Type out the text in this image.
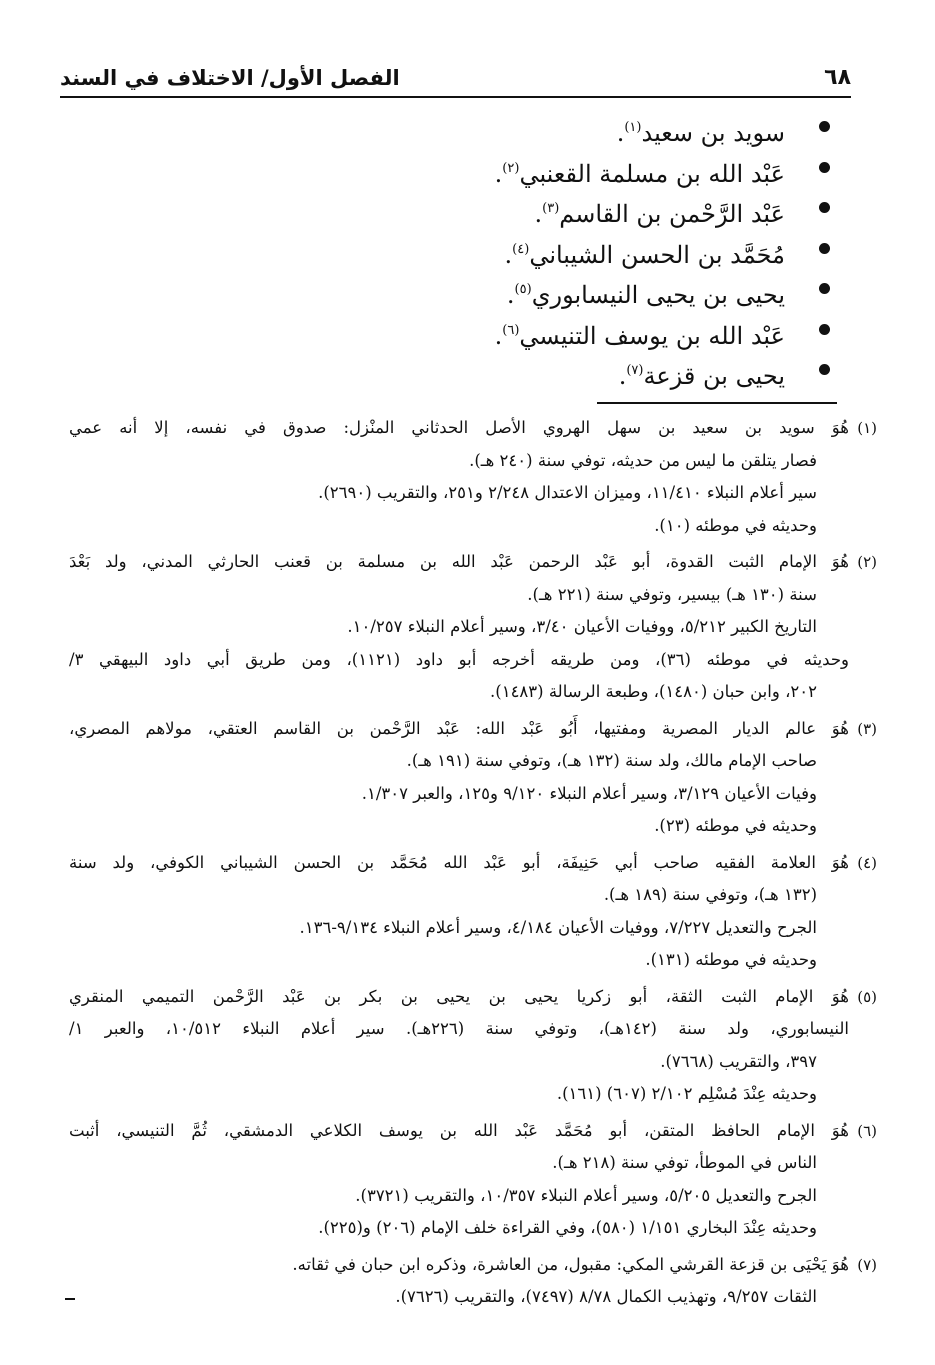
الفصل الأول/ الاختلاف في السند	٦٨
سويد بن سعيد$^{(١)}$.
عَبْد الله بن مسلمة القعنبي$^{(٢)}$.
عَبْد الرَّحْمن بن القاسم$^{(٣)}$.
مُحَمَّد بن الحسن الشيباني$^{(٤)}$.
يحيى بن يحيى النيسابوري$^{(٥)}$.
عَبْد الله بن يوسف التنيسي$^{(٦)}$.
يحيى بن قزعة$^{(٧)}$.
(١)
هُوَ سويد بن سعيد بن سهل الهروي الأصل الحدثاني المنْزل: صدوق في نفسه، إلا أنه عمي
فصار يتلقن ما ليس من حديثه، توفي سنة (٢٤٠ هـ).
سير أعلام النبلاء ١١/٤١٠، وميزان الاعتدال ٢/٢٤٨ و٢٥١، والتقريب (٢٦٩٠).
وحديثه في موطئه (١٠).
(٢)
هُوَ الإمام الثبت القدوة، أبو عَبْد الرحمن عَبْد الله بن مسلمة بن قعنب الحارثي المدني، ولد بَعْدَ
سنة (١٣٠ هـ) بيسير، وتوفي سنة (٢٢١ هـ).
التاريخ الكبير ٥/٢١٢، ووفيات الأعيان ٣/٤٠، وسير أعلام النبلاء ١٠/٢٥٧.
وحديثه في موطئه (٣٦)، ومن طريقه أخرجه أبو داود (١١٢١)، ومن طريق أبي داود البيهقي ٣/
٢٠٢، وابن حبان (١٤٨٠)، وطبعة الرسالة (١٤٨٣).
(٣)
هُوَ عالم الديار المصرية ومفتيها، أَبُو عَبْد الله: عَبْد الرَّحْمن بن القاسم العتقي، مولاهم المصري،
صاحب الإمام مالك، ولد سنة (١٣٢ هـ)، وتوفي سنة (١٩١ هـ).
وفيات الأعيان ٣/١٢٩، وسير أعلام النبلاء ٩/١٢٠ و١٢٥، والعبر ١/٣٠٧.
وحديثه في موطئه (٢٣).
(٤)
هُوَ العلامة الفقيه صاحب أبي حَنِيفَة، أبو عَبْد الله مُحَمَّد بن الحسن الشيباني الكوفي، ولد سنة
(١٣٢ هـ)، وتوفي سنة (١٨٩ هـ).
الجرح والتعديل ٧/٢٢٧، ووفيات الأعيان ٤/١٨٤، وسير أعلام النبلاء ٩/١٣٤-١٣٦.
وحديثه في موطئه (١٣١).
(٥)
هُوَ الإمام الثبت الثقة، أبو زكريا يحيى بن يحيى بن بكر بن عَبْد الرَّحْمن التميمي المنقري
النيسابوري، ولد سنة (١٤٢هـ)، وتوفي سنة (٢٢٦هـ). سير أعلام النبلاء ١٠/٥١٢، والعبر ١/
٣٩٧، والتقريب (٧٦٦٨).
وحديثه عِنْدَ مُسْلِم ٢/١٠٢ (٦٠٧) (١٦١).
(٦)
هُوَ الإمام الحافظ المتقن، أبو مُحَمَّد عَبْد الله بن يوسف الكلاعي الدمشقي، ثُمَّ التنيسي، أثبت
الناس في الموطأ، توفي سنة (٢١٨ هـ).
الجرح والتعديل ٥/٢٠٥، وسير أعلام النبلاء ١٠/٣٥٧، والتقريب (٣٧٢١).
وحديثه عِنْدَ البخاري ١/١٥١ (٥٨٠)، وفي القراءة خلف الإمام (٢٠٦) و(٢٢٥).
(٧)
هُوَ يَحْيَى بن قزعة القرشي المكي: مقبول، من العاشرة، وذكره ابن حبان في ثقاته.
الثقات ٩/٢٥٧، وتهذيب الكمال ٨/٧٨ (٧٤٩٧)، والتقريب (٧٦٢٦).
